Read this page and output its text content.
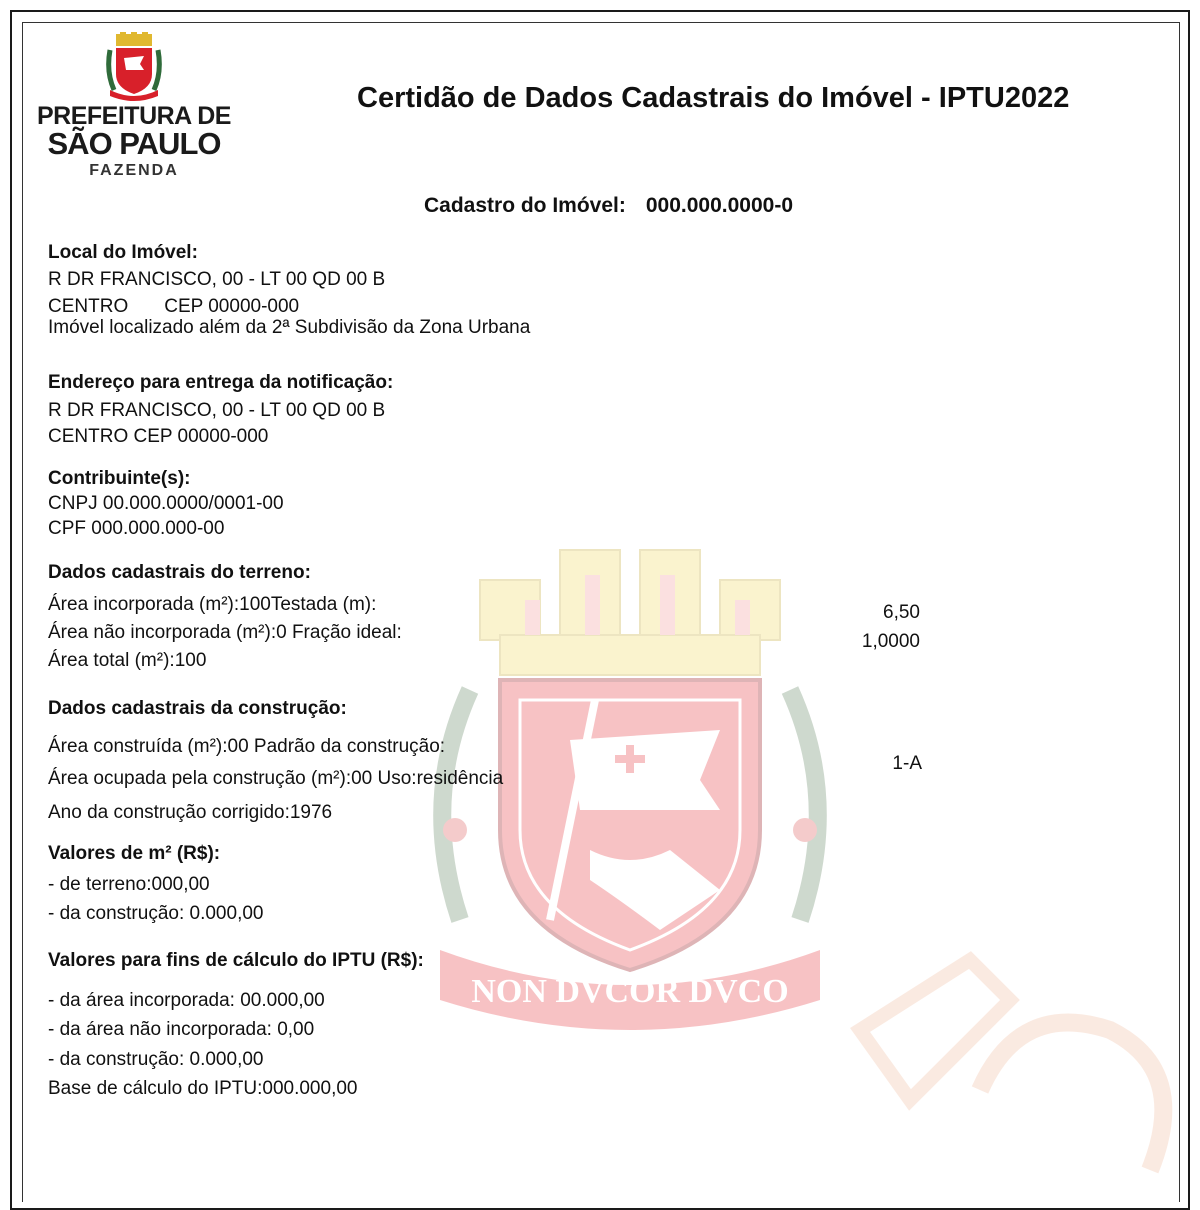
NON DVCOR DVCO
PREFEITURA DE
SÃO PAULO
FAZENDA
Certidão de Dados Cadastrais do Imóvel - IPTU2022
Cadastro do Imóvel: 000.000.0000-0
Local do Imóvel:
R DR FRANCISCO, 00 - LT 00 QD 00 B
CENTRO CEP 00000-000
Imóvel localizado além da 2ª Subdivisão da Zona Urbana
Endereço para entrega da notificação:
R DR FRANCISCO, 00 - LT 00 QD 00 B
CENTRO CEP 00000-000
Contribuinte(s):
CNPJ 00.000.0000/0001-00
CPF 000.000.000-00
Dados cadastrais do terreno:
Área incorporada (m²):100Testada (m):	6,50
Área não incorporada (m²):0 Fração ideal:	1,0000
Área total (m²):100
Dados cadastrais da construção:
Área construída (m²):00 Padrão da construção:
1-A
Área ocupada pela construção (m²):00 Uso:residência
Ano da construção corrigido:1976
Valores de m² (R$):
- de terreno:000,00
- da construção: 0.000,00
Valores para fins de cálculo do IPTU (R$):
- da área incorporada: 00.000,00
- da área não incorporada: 0,00
- da construção: 0.000,00
Base de cálculo do IPTU:000.000,00
